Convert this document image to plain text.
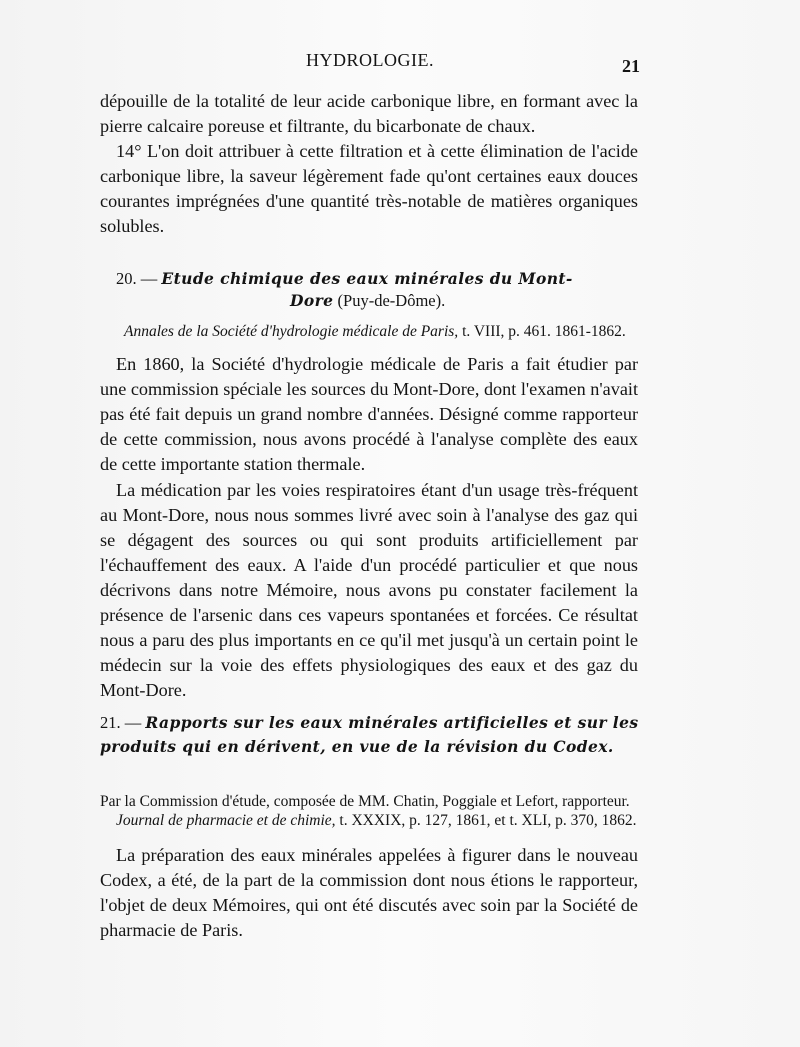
HYDROLOGIE.	21

dépouille de la totalité de leur acide carbonique libre, en formant avec la pierre calcaire poreuse et filtrante, du bicarbonate de chaux.

14° L'on doit attribuer à cette filtration et à cette élimination de l'acide carbonique libre, la saveur légèrement fade qu'ont certaines eaux douces courantes imprégnées d'une quantité très-notable de matières organiques solubles.

20. — Etude chimique des eaux minérales du Mont-
Dore (Puy-de-Dôme).
Annales de la Société d'hydrologie médicale de Paris, t. VIII, p. 461. 1861-1862.

En 1860, la Société d'hydrologie médicale de Paris a fait étudier par une commission spéciale les sources du Mont-Dore, dont l'examen n'avait pas été fait depuis un grand nombre d'années. Désigné comme rapporteur de cette commission, nous avons procédé à l'analyse complète des eaux de cette importante station thermale.

La médication par les voies respiratoires étant d'un usage très-fréquent au Mont-Dore, nous nous sommes livré avec soin à l'analyse des gaz qui se dégagent des sources ou qui sont produits artificiellement par l'échauffement des eaux. A l'aide d'un procédé particulier et que nous décrivons dans notre Mémoire, nous avons pu constater facilement la présence de l'arsenic dans ces vapeurs spontanées et forcées. Ce résultat nous a paru des plus importants en ce qu'il met jusqu'à un certain point le médecin sur la voie des effets physiologiques des eaux et des gaz du Mont-Dore.

21. — Rapports sur les eaux minérales artificielles et sur les produits qui en dérivent, en vue de la révision du Codex.
Par la Commission d'étude, composée de MM. Chatin, Poggiale et Lefort, rapporteur.
Journal de pharmacie et de chimie, t. XXXIX, p. 127, 1861, et t. XLI, p. 370, 1862.

La préparation des eaux minérales appelées à figurer dans le nouveau Codex, a été, de la part de la commission dont nous étions le rapporteur, l'objet de deux Mémoires, qui ont été discutés avec soin par la Société de pharmacie de Paris.
